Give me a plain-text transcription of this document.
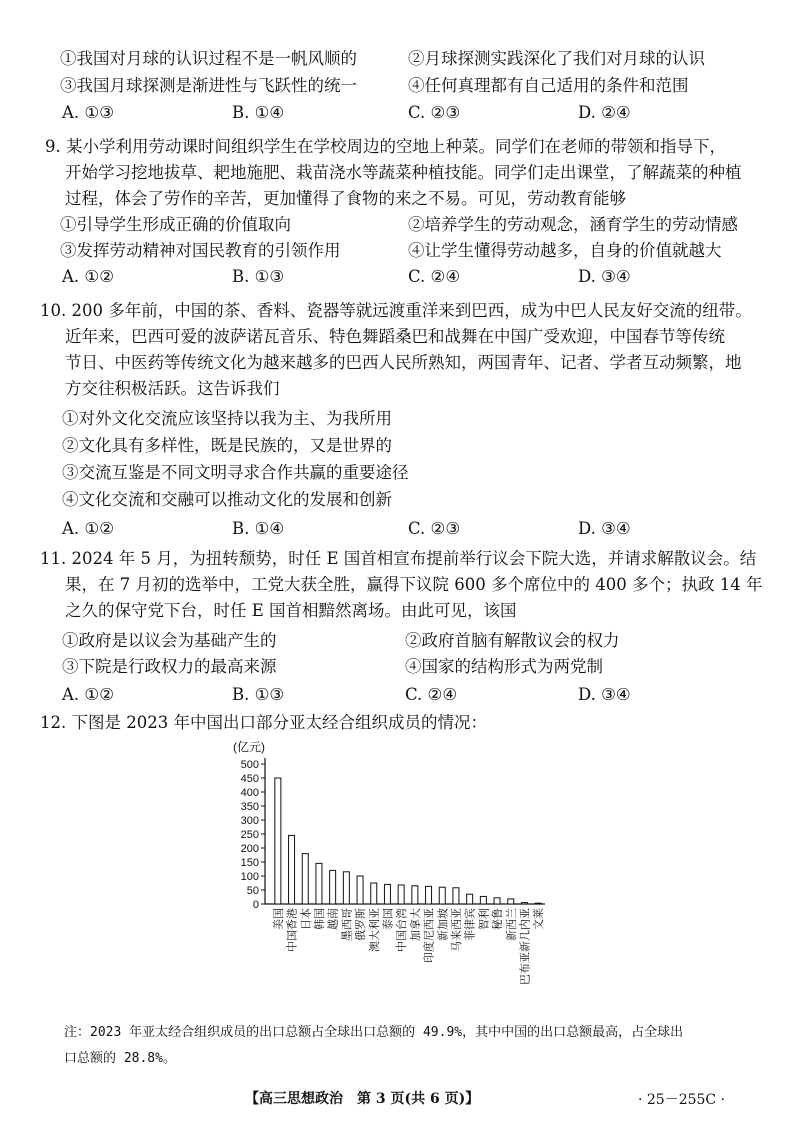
①我国对月球的认识过程不是一帆风顺的	②月球探测实践深化了我们对月球的认识
③我国月球探测是渐进性与飞跃性的统一	④任何真理都有自己适用的条件和范围
A. ①③	B. ①④	C. ②③	D. ②④
9. 某小学利用劳动课时间组织学生在学校周边的空地上种菜。同学们在老师的带领和指导下，
开始学习挖地拔草、耙地施肥、栽苗浇水等蔬菜种植技能。同学们走出课堂，了解蔬菜的种植
过程，体会了劳作的辛苦，更加懂得了食物的来之不易。可见，劳动教育能够
①引导学生形成正确的价值取向	②培养学生的劳动观念，涵育学生的劳动情感
③发挥劳动精神对国民教育的引领作用	④让学生懂得劳动越多，自身的价值就越大
A. ①②	B. ①③	C. ②④	D. ③④
10. 200 多年前，中国的茶、香料、瓷器等就远渡重洋来到巴西，成为中巴人民友好交流的纽带。
近年来，巴西可爱的波萨诺瓦音乐、特色舞蹈桑巴和战舞在中国广受欢迎，中国春节等传统
节日、中医药等传统文化为越来越多的巴西人民所熟知，两国青年、记者、学者互动频繁，地
方交往积极活跃。这告诉我们
①对外文化交流应该坚持以我为主、为我所用
②文化具有多样性，既是民族的，又是世界的
③交流互鉴是不同文明寻求合作共赢的重要途径
④文化交流和交融可以推动文化的发展和创新
A. ①②	B. ①④	C. ②③	D. ③④
11. 2024 年 5 月，为扭转颓势，时任 E 国首相宣布提前举行议会下院大选，并请求解散议会。结
果，在 7 月初的选举中，工党大获全胜，赢得下议院 600 多个席位中的 400 多个；执政 14 年
之久的保守党下台，时任 E 国首相黯然离场。由此可见，该国
①政府是以议会为基础产生的	②政府首脑有解散议会的权力
③下院是行政权力的最高来源	④国家的结构形式为两党制
A. ①②	B. ①③	C. ②④	D. ③④
12. 下图是 2023 年中国出口部分亚太经合组织成员的情况：
(亿元)
0
50
100
150
200
250
300
350
400
450
500
美国 中国香港 日本 韩国 越南 墨西哥 俄罗斯 澳大利亚 泰国 中国台湾 加拿大 印度尼西亚 新加坡 马来西亚 菲律宾 智利 秘鲁 新西兰 巴布亚新几内亚 文莱
注：2023 年亚太经合组织成员的出口总额占全球出口总额的 49.9%，其中中国的出口总额最高，占全球出
口总额的 28.8%。
【高三思想政治　第 3 页(共 6 页)】	· 25－255C ·
